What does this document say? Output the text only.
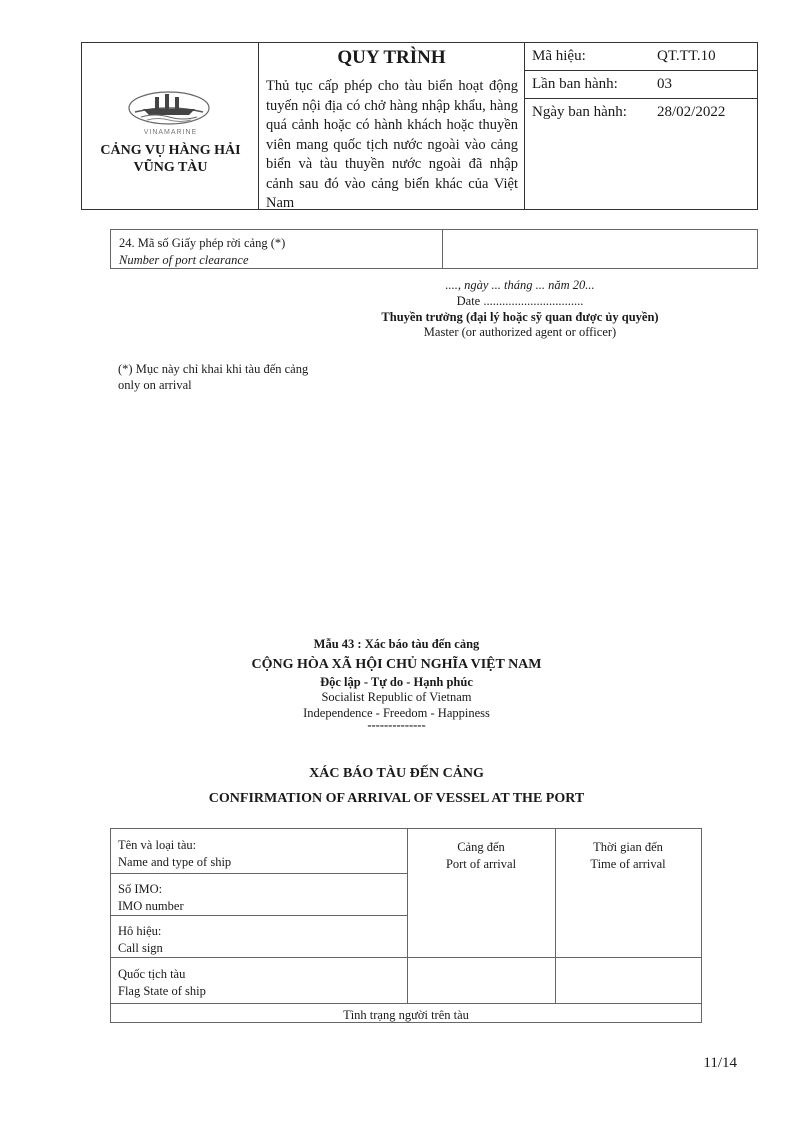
VINAMARINE
CẢNG VỤ HÀNG HẢI
VŨNG TÀU
QUY TRÌNH
Thủ tục cấp phép cho tàu biển hoạt động tuyến nội địa có chở hàng nhập khẩu, hàng quá cảnh hoặc có hành khách hoặc thuyền viên mang quốc tịch nước ngoài vào cảng biển và tàu thuyền nước ngoài đã nhập cảnh sau đó vào cảng biển khác của Việt Nam
Mã hiệu:	QT.TT.10
Lần ban hành:	03
Ngày ban hành: 28/02/2022
24. Mã số Giấy phép rời cảng (*)
Number of port clearance
...., ngày ... tháng ... năm 20...
Date ................................
Thuyền trưởng (đại lý hoặc sỹ quan được ủy quyền)
Master (or authorized agent or officer)
(*) Mục này chỉ khai khi tàu đến cảng
only on arrival
Mẫu 43 : Xác báo tàu đến cảng
CỘNG HÒA XÃ HỘI CHỦ NGHĨA VIỆT NAM
Độc lập - Tự do - Hạnh phúc
Socialist Republic of Vietnam
Independence - Freedom - Happiness
--------------
XÁC BÁO TÀU ĐẾN CẢNG
CONFIRMATION OF ARRIVAL OF VESSEL AT THE PORT
Tên và loại tàu:
Name and type of ship
Số IMO:
IMO number
Hô hiệu:
Call sign
Quốc tịch tàu
Flag State of ship
Cảng đến
Port of arrival
Thời gian đến
Time of arrival
Tình trạng người trên tàu
11/14
